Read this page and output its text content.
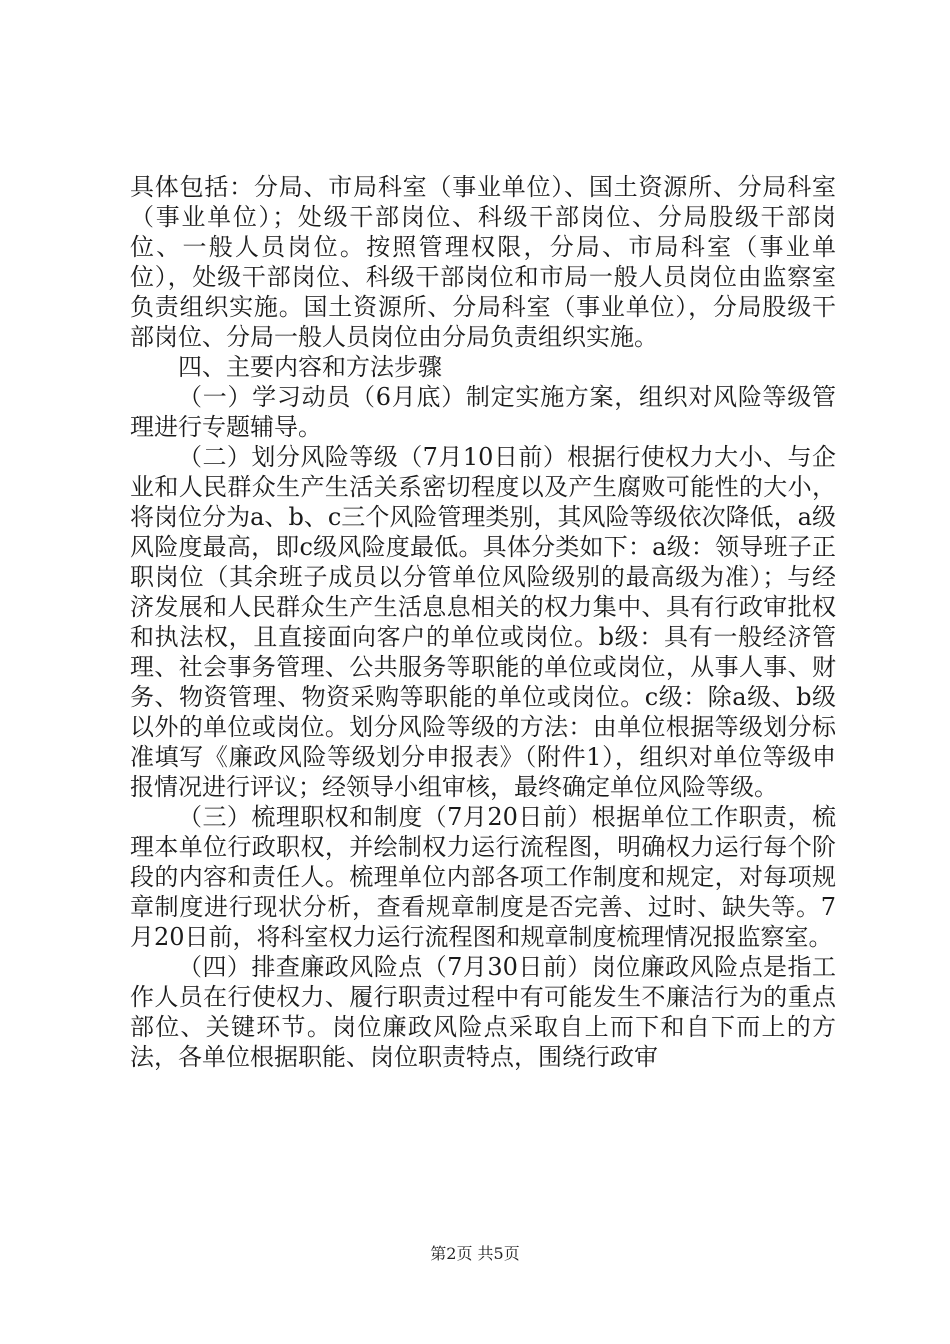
具体包括：分局、市局科室（事业单位）、国土资源所、分局科室（事业单位）；处级干部岗位、科级干部岗位、分局股级干部岗位、一般人员岗位。按照管理权限，分局、市局科室（事业单位），处级干部岗位、科级干部岗位和市局一般人员岗位由监察室负责组织实施。国土资源所、分局科室（事业单位），分局股级干部岗位、分局一般人员岗位由分局负责组织实施。

四、主要内容和方法步骤

（一）学习动员（6月底）制定实施方案，组织对风险等级管理进行专题辅导。

（二）划分风险等级（7月10日前）根据行使权力大小、与企业和人民群众生产生活关系密切程度以及产生腐败可能性的大小，将岗位分为a、b、c三个风险管理类别，其风险等级依次降低，a级风险度最高，即c级风险度最低。具体分类如下：a级：领导班子正职岗位（其余班子成员以分管单位风险级别的最高级为准）；与经济发展和人民群众生产生活息息相关的权力集中、具有行政审批权和执法权，且直接面向客户的单位或岗位。b级：具有一般经济管理、社会事务管理、公共服务等职能的单位或岗位，从事人事、财务、物资管理、物资采购等职能的单位或岗位。c级：除a级、b级以外的单位或岗位。划分风险等级的方法：由单位根据等级划分标准填写《廉政风险等级划分申报表》（附件1），组织对单位等级申报情况进行评议；经领导小组审核，最终确定单位风险等级。

（三）梳理职权和制度（7月20日前）根据单位工作职责，梳理本单位行政职权，并绘制权力运行流程图，明确权力运行每个阶段的内容和责任人。梳理单位内部各项工作制度和规定，对每项规章制度进行现状分析，查看规章制度是否完善、过时、缺失等。7月20日前，将科室权力运行流程图和规章制度梳理情况报监察室。

（四）排查廉政风险点（7月30日前）岗位廉政风险点是指工作人员在行使权力、履行职责过程中有可能发生不廉洁行为的重点部位、关键环节。岗位廉政风险点采取自上而下和自下而上的方法，各单位根据职能、岗位职责特点，围绕行政审

第2页 共5页
